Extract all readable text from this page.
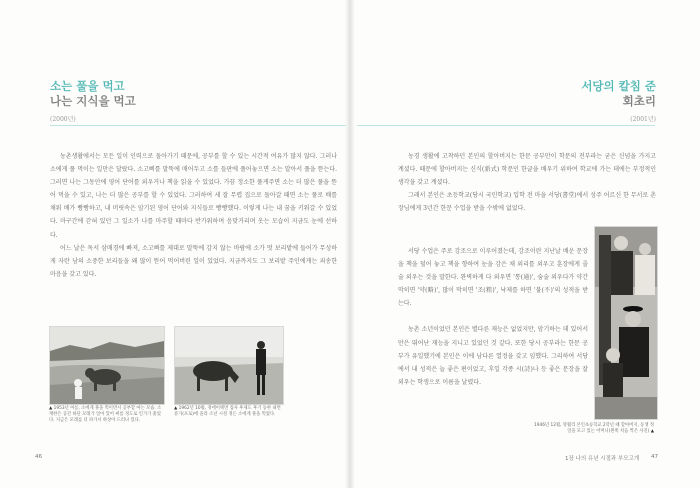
소는 풀을 먹고
나는 지식을 먹고
(2000년)

농촌생활에서는 모든 일이 인력으로 돌아가기 때문에, 공부를 할 수 있는 시간적 여유가 많지 않다. 그러나 소에게 풀 먹이는 일만은 달랐다. 소고삐를 말뚝에 매어두고 소를 들판에 풀어놓으면 소는 알아서 풀을 뜯는다. 그러면 나는 그동안에 영어 단어를 외우거나 책을 읽을 수 있었다. 가끔 정소한 풀게주면 소는 더 많은 풀을 뜯어 먹을 수 있고, 나는 더 많은 공부를 할 수 있었다. 그러하여 세 잘 무렵 집으로 돌아갈 때면 소는 풀로 배를 채워 배가 빵빵하고, 내 머릿속은 암기된 영어 단어와 지식들로 빵빵했다. 이렇게 나는 내 꿈을 키워갈 수 있었다. 마구간에 갇혀 있던 그 일소가 나를 마주할 때마다 반가워하며 음맞거리며 옷는 모습이 지금도 눈에 선하다.

어느 날은 독서 삼매경에 빠져, 소고삐를 제대로 말뚝에 감지 않는 바람에 소가 멋 보리밭에 들어가 무성하게 자란 남의 소중한 보리들을 왜 많이 뜯어 먹어버린 일이 있었다. 지금까지도 그 보리밭 주인에게는 죄송한 마음을 갖고 있다.

▲ 1953년 여름, 소에게 풀을 먹이면서 공부할 마는 모습. 소재한은 공간 하단 모래가 얼마 있어 써룸 정도로 인가가 흩었다. 지금은 모래를 더 파가서 하상이 드러나 있다.
▲ 1962년 10월, 경에이택면 집사 후제도 후기 동한 내면 분가(포로)에 올라 소년 시절 정든 소에게 풀을 먹였다.
46
서당의 칼침 준
회초리
(2001년)

농경 생활에 고착하던 본인의 할아버지는 한문 공부만이 학문의 전부라는 굳은 신념을 가지고 계셨다. 때문에 할아버지는 신식(新式) 학문인 한글을 배우기 위하여 학교에 가는 데에는 부정적인 생각을 갖고 계셨다.

그래서 본인은 초등학교(당시 국민학교) 입학 전 마을 서당(書堂)에서 성주 어르신 한 무서로 촌장님에게 3년간 한문 수업을 받을 수밖에 없었다.

서당 수업은 주로 강조으로 이루어졌는데, 강조이란 지난날 배운 문장을 책을 덮어 놓고 책을 향하여 눈을 감은 채 외리를 외우고 훈장에게 줄술 외우는 것을 말한다. 완벽하게 다 외우면 '통(通)', 숨술 외우다가 약간 막히면 '약(略)', 많이 막히면 '조(粗)', 낙제를 하면 '불(不)'의 성적을 받는다.

농촌 소년이었던 본인은 별다른 재능은 없었지만, 암기하는 데 있어서만은 뛰어난 재능을 지니고 있었던 것 같다. 또한 당시 공부라는 한문 공부가 유일했기에 본인은 이에 남다른 열정을 갖고 임했다. 그리하여 서당에서 내 성적은 늘 좋은 편이었고, 후일 각종 시(詩)나 등 좋은 문장을 잘 외우는 학생으로 이름을 날렸다.

1946년 12월, 망월리 본인초등학교 2학년 때 할아버지, 동생 정일을 모고 있는 어머니(왼쪽 치음 찍은 사진) ▲
1장 나의 유년 시절과 부모고개 47
